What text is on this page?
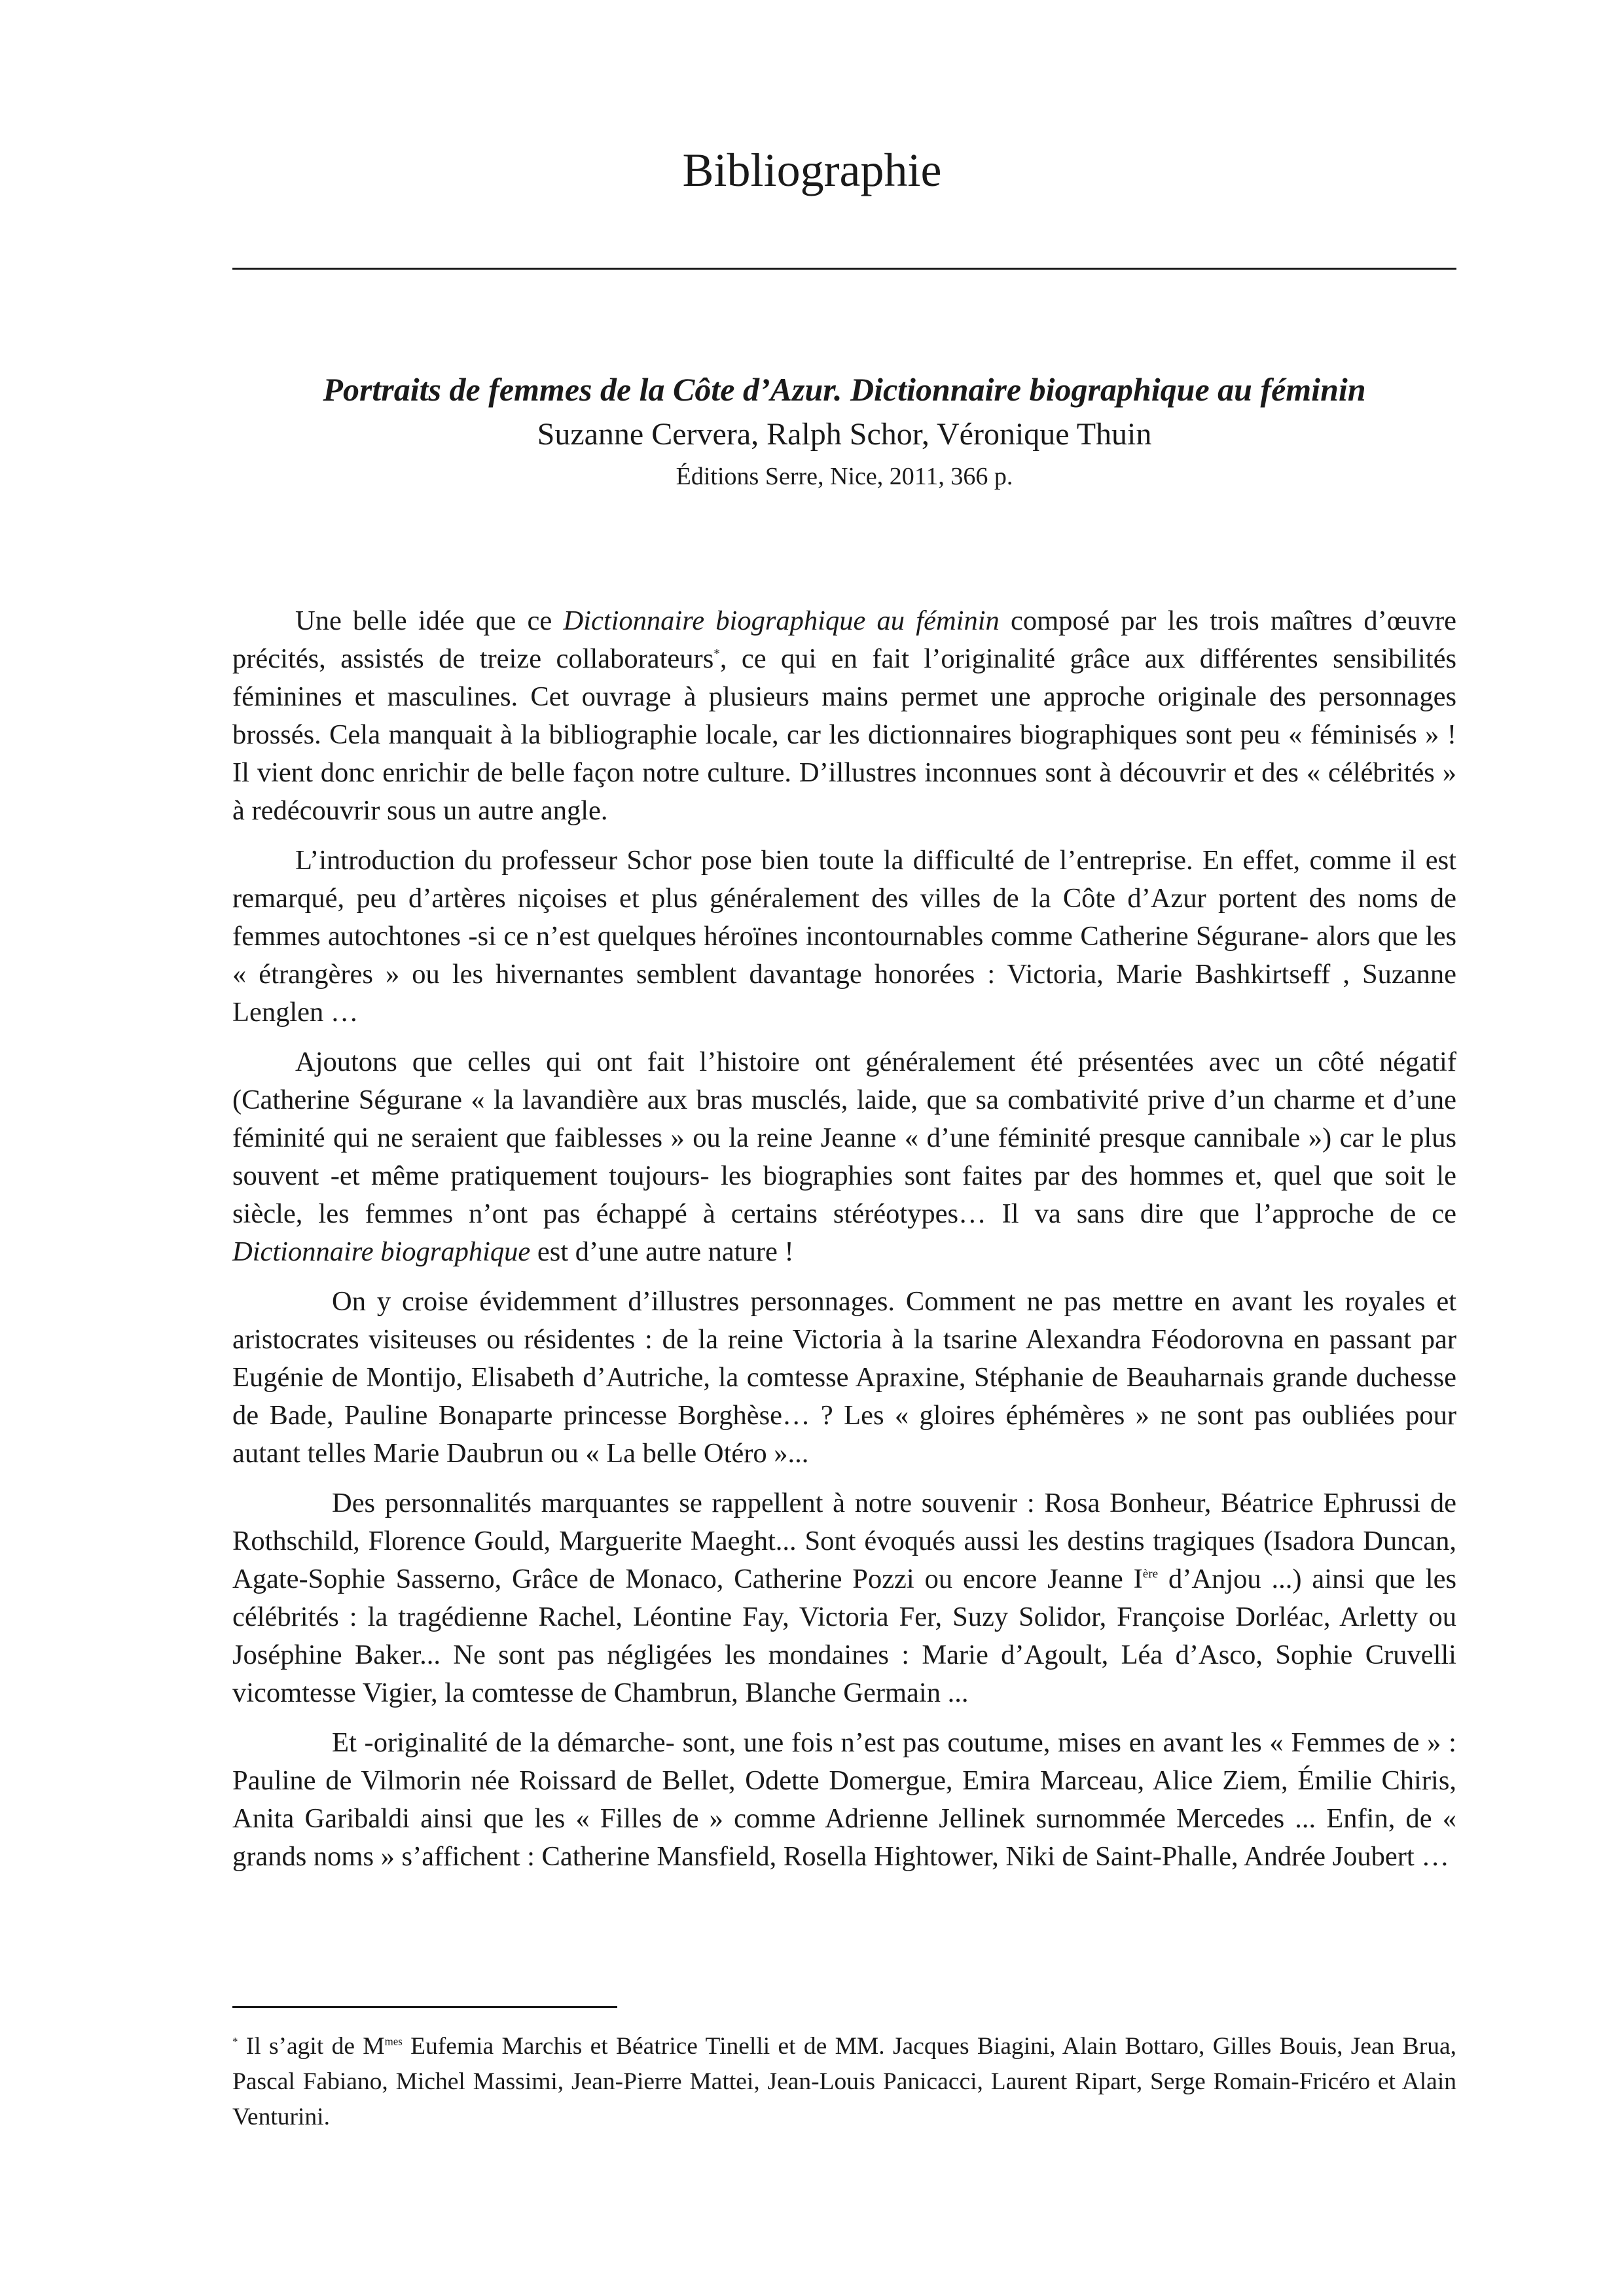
Bibliographie
Portraits de femmes de la Côte d’Azur. Dictionnaire biographique au féminin
Suzanne Cervera, Ralph Schor, Véronique Thuin
Éditions Serre, Nice, 2011, 366 p.

Une belle idée que ce Dictionnaire biographique au féminin composé par les trois maîtres d’œuvre précités, assistés de treize collaborateurs*, ce qui en fait l’originalité grâce aux différentes sensibilités féminines et masculines. Cet ouvrage à plusieurs mains permet une approche originale des personnages brossés. Cela manquait à la bibliographie locale, car les dictionnaires biographiques sont peu « féminisés » ! Il vient donc enrichir de belle façon notre culture. D’illustres inconnues sont à découvrir et des « célébrités » à redécouvrir sous un autre angle.

L’introduction du professeur Schor pose bien toute la difficulté de l’entreprise. En effet, comme il est remarqué, peu d’artères niçoises et plus généralement des villes de la Côte d’Azur portent des noms de femmes autochtones -si ce n’est quelques héroïnes incontournables comme Catherine Ségurane- alors que les « étrangères » ou les hivernantes semblent davantage honorées : Victoria, Marie Bashkirtseff , Suzanne Lenglen …

Ajoutons que celles qui ont fait l’histoire ont généralement été présentées avec un côté négatif (Catherine Ségurane « la lavandière aux bras musclés, laide, que sa combativité prive d’un charme et d’une féminité qui ne seraient que faiblesses » ou la reine Jeanne « d’une féminité presque cannibale ») car le plus souvent -et même pratiquement toujours- les biographies sont faites par des hommes et, quel que soit le siècle, les femmes n’ont pas échappé à certains stéréotypes… Il va sans dire que l’approche de ce Dictionnaire biographique est d’une autre nature !

On y croise évidemment d’illustres personnages. Comment ne pas mettre en avant les royales et aristocrates visiteuses ou résidentes : de la reine Victoria à la tsarine Alexandra Féodorovna en passant par Eugénie de Montijo, Elisabeth d’Autriche, la comtesse Apraxine, Stéphanie de Beauharnais grande duchesse de Bade, Pauline Bonaparte princesse Borghèse… ? Les « gloires éphémères » ne sont pas oubliées pour autant telles Marie Daubrun ou « La belle Otéro »...

Des personnalités marquantes se rappellent à notre souvenir : Rosa Bonheur, Béatrice Ephrussi de Rothschild, Florence Gould, Marguerite Maeght... Sont évoqués aussi les destins tragiques (Isadora Duncan, Agate-Sophie Sasserno, Grâce de Monaco, Catherine Pozzi ou encore Jeanne Ière d’Anjou ...) ainsi que les célébrités : la tragédienne Rachel, Léontine Fay, Victoria Fer, Suzy Solidor, Françoise Dorléac, Arletty ou Joséphine Baker... Ne sont pas négligées les mondaines : Marie d’Agoult, Léa d’Asco, Sophie Cruvelli vicomtesse Vigier, la comtesse de Chambrun, Blanche Germain ...

Et -originalité de la démarche- sont, une fois n’est pas coutume, mises en avant les « Femmes de » : Pauline de Vilmorin née Roissard de Bellet, Odette Domergue, Emira Marceau, Alice Ziem, Émilie Chiris, Anita Garibaldi ainsi que les « Filles de » comme Adrienne Jellinek surnommée Mercedes ... Enfin, de « grands noms » s’affichent : Catherine Mansfield, Rosella Hightower, Niki de Saint-Phalle, Andrée Joubert …

* Il s’agit de $M^{mes}$ Eufemia Marchis et Béatrice Tinelli et de MM. Jacques Biagini, Alain Bottaro, Gilles Bouis, Jean Brua, Pascal Fabiano, Michel Massimi, Jean-Pierre Mattei, Jean-Louis Panicacci, Laurent Ripart, Serge Romain-Fricéro et Alain Venturini.
